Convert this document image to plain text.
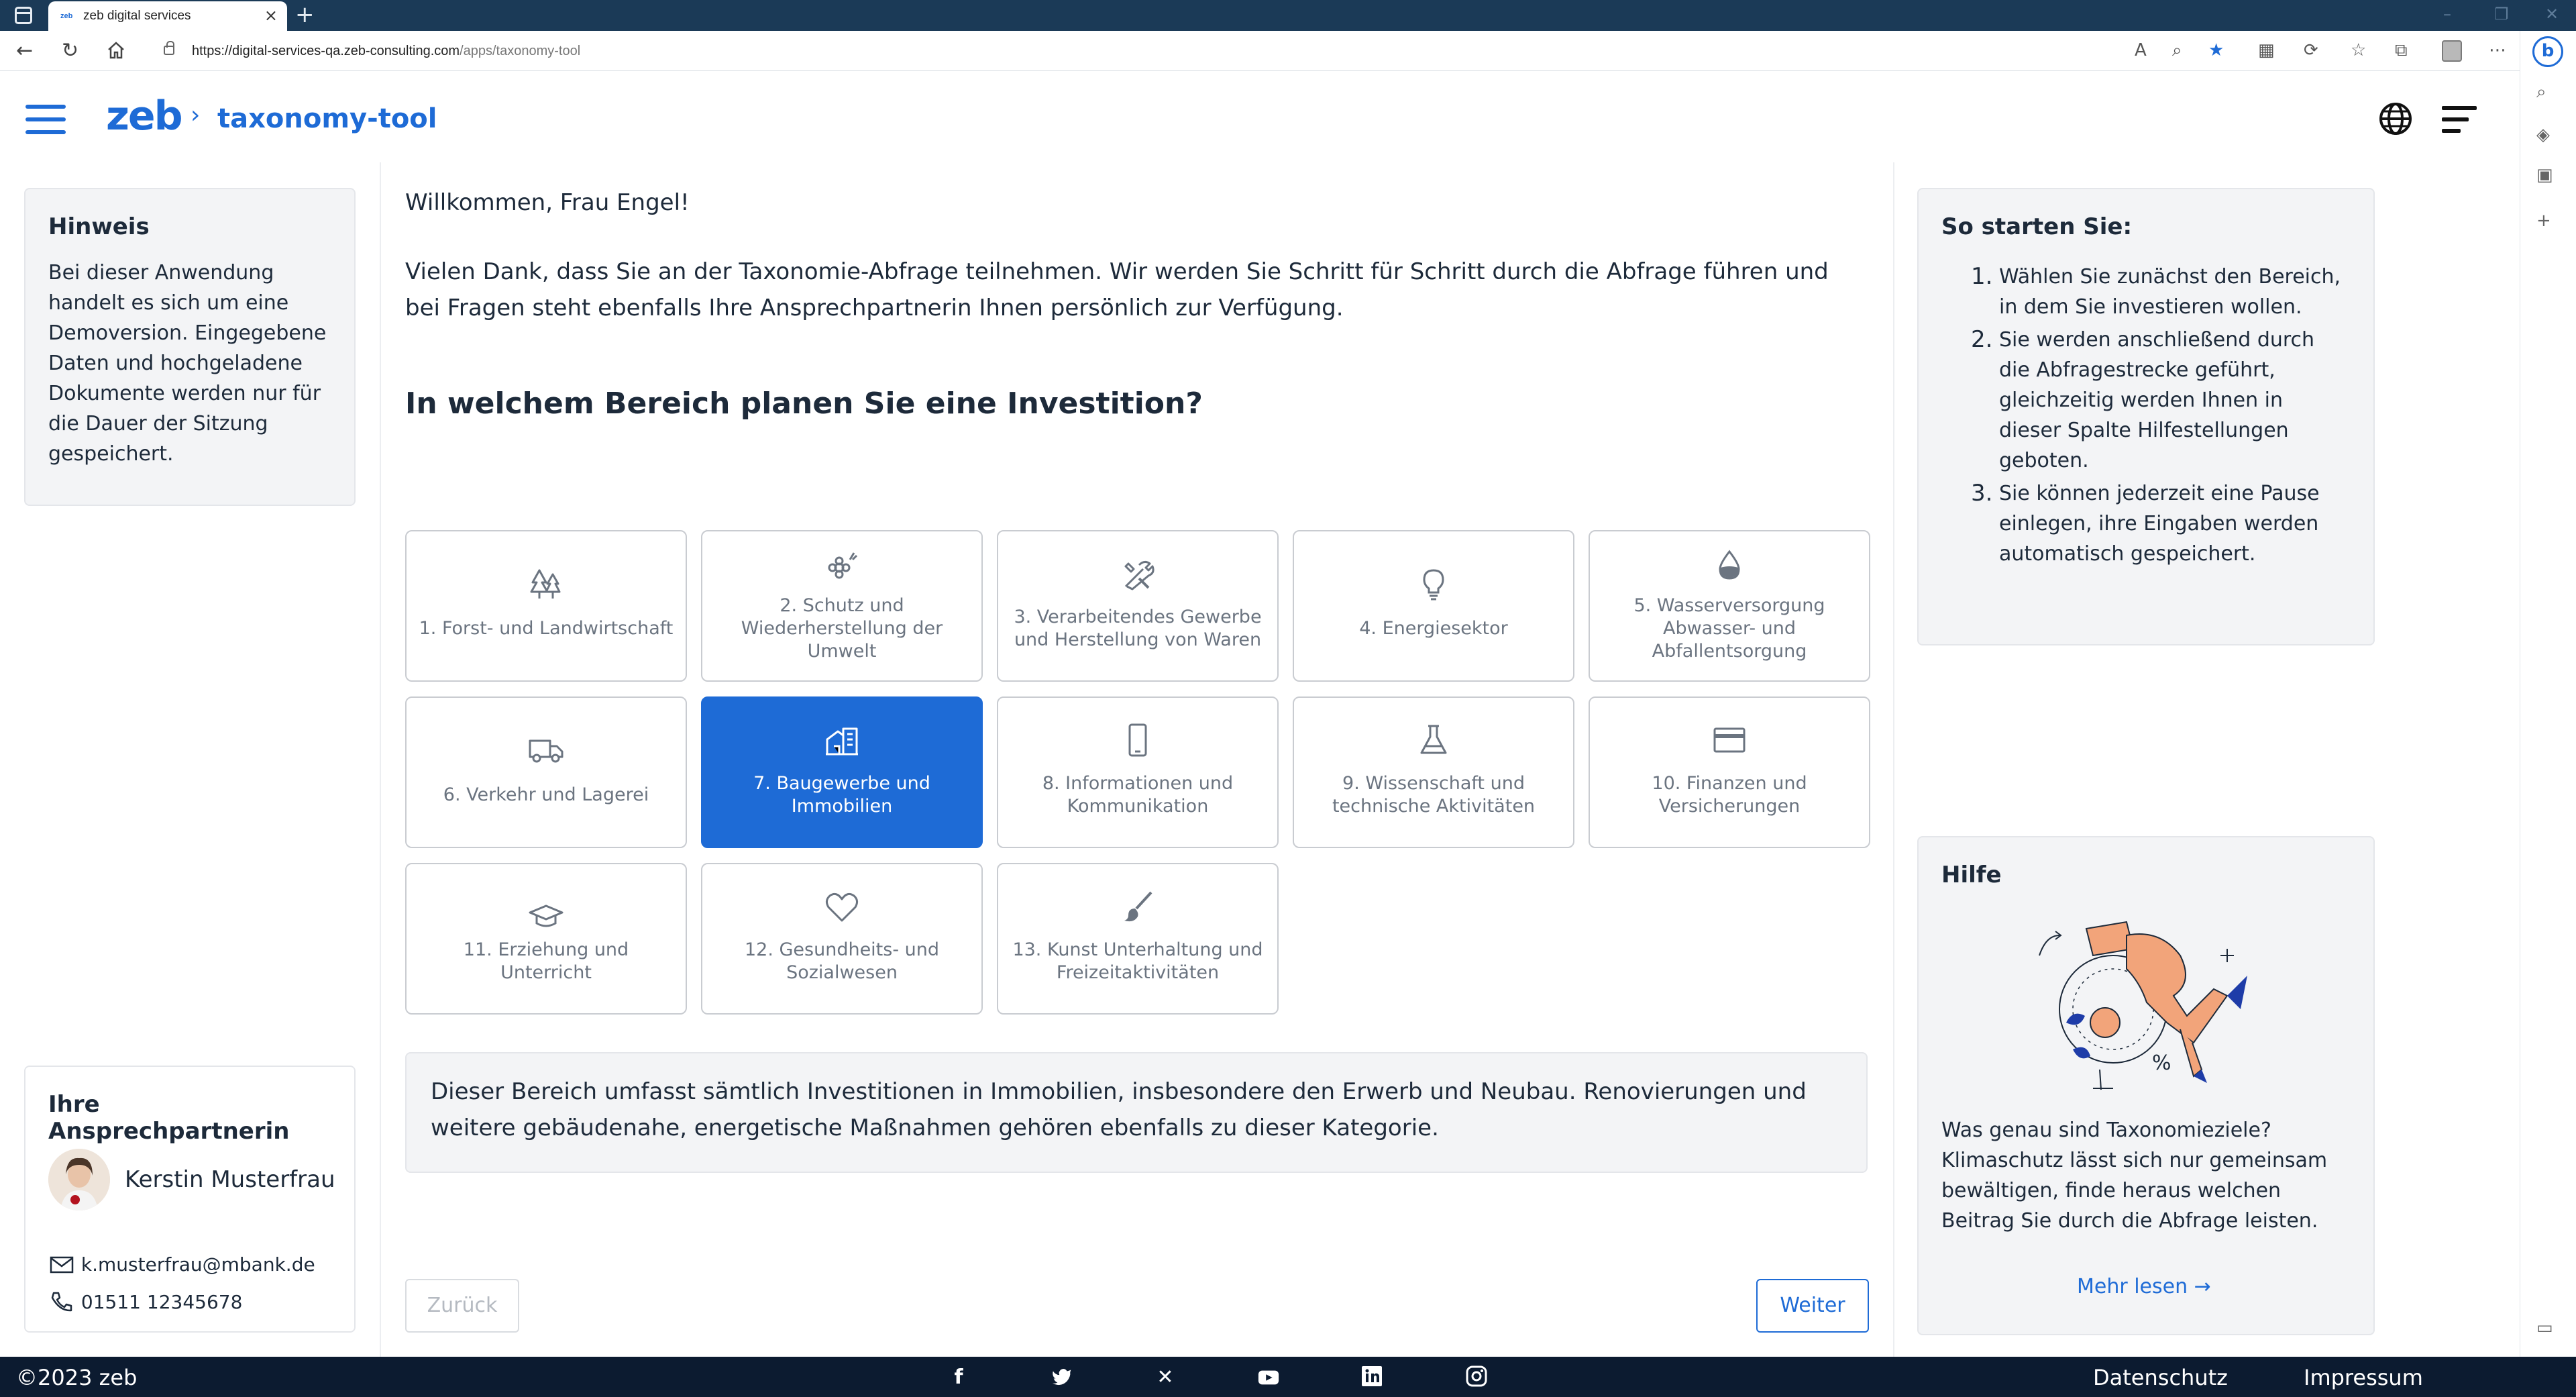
zeb zeb digital services	× +	–	❐ ✕
← ↻	https://digital-services-qa.zeb-consulting.com/apps/taxonomy-tool	A ⌕ ★ ▦ ⟳ ☆ ⧉	⋯	b
⌕
◈
▣
+
▭
zeb › taxonomy-tool
Hinweis
Bei dieser Anwendung handelt es sich um eine Demoversion. Eingegebene Daten und hochgeladene Dokumente werden nur für die Dauer der Sitzung gespeichert.
Ihre Ansprechpartnerin
Kerstin Musterfrau
k.musterfrau@mbank.de
01511 12345678
Willkommen, Frau Engel!
Vielen Dank, dass Sie an der Taxonomie-Abfrage teilnehmen. Wir werden Sie Schritt für Schritt durch die Abfrage führen und bei Fragen steht ebenfalls Ihre Ansprechpartnerin Ihnen persönlich zur Verfügung.
In welchem Bereich planen Sie eine Investition?
1. Forst- und Landwirtschaft
2. Schutz und Wiederherstellung der Umwelt
3. Verarbeitendes Gewerbe und Herstellung von Waren
4. Energiesektor
5. Wasserversorgung Abwasser- und Abfallentsorgung
6. Verkehr und Lagerei
7. Baugewerbe und Immobilien
8. Informationen und Kommunikation
9. Wissenschaft und technische Aktivitäten
10. Finanzen und Versicherungen
11. Erziehung und Unterricht
12. Gesundheits- und Sozialwesen
13. Kunst Unterhaltung und Freizeitaktivitäten
Dieser Bereich umfasst sämtlich Investitionen in Immobilien, insbesondere den Erwerb und Neubau. Renovierungen und weitere gebäudenahe, energetische Maßnahmen gehören ebenfalls zu dieser Kategorie.
Zurück	Weiter
So starten Sie:
1. Wählen Sie zunächst den Bereich, in dem Sie investieren wollen.
2. Sie werden anschließend durch die Abfragestrecke geführt, gleichzeitig werden Ihnen in dieser Spalte Hilfestellungen geboten.
3. Sie können jederzeit eine Pause einlegen, ihre Eingaben werden automatisch gespeichert.
Hilfe
%
Was genau sind Taxonomieziele? Klimaschutz lässt sich nur gemeinsam bewältigen, finde heraus welchen Beitrag Sie durch die Abfrage leisten.
Mehr lesen →
©2023 zeb	f	✕	Datenschutz	Impressum
